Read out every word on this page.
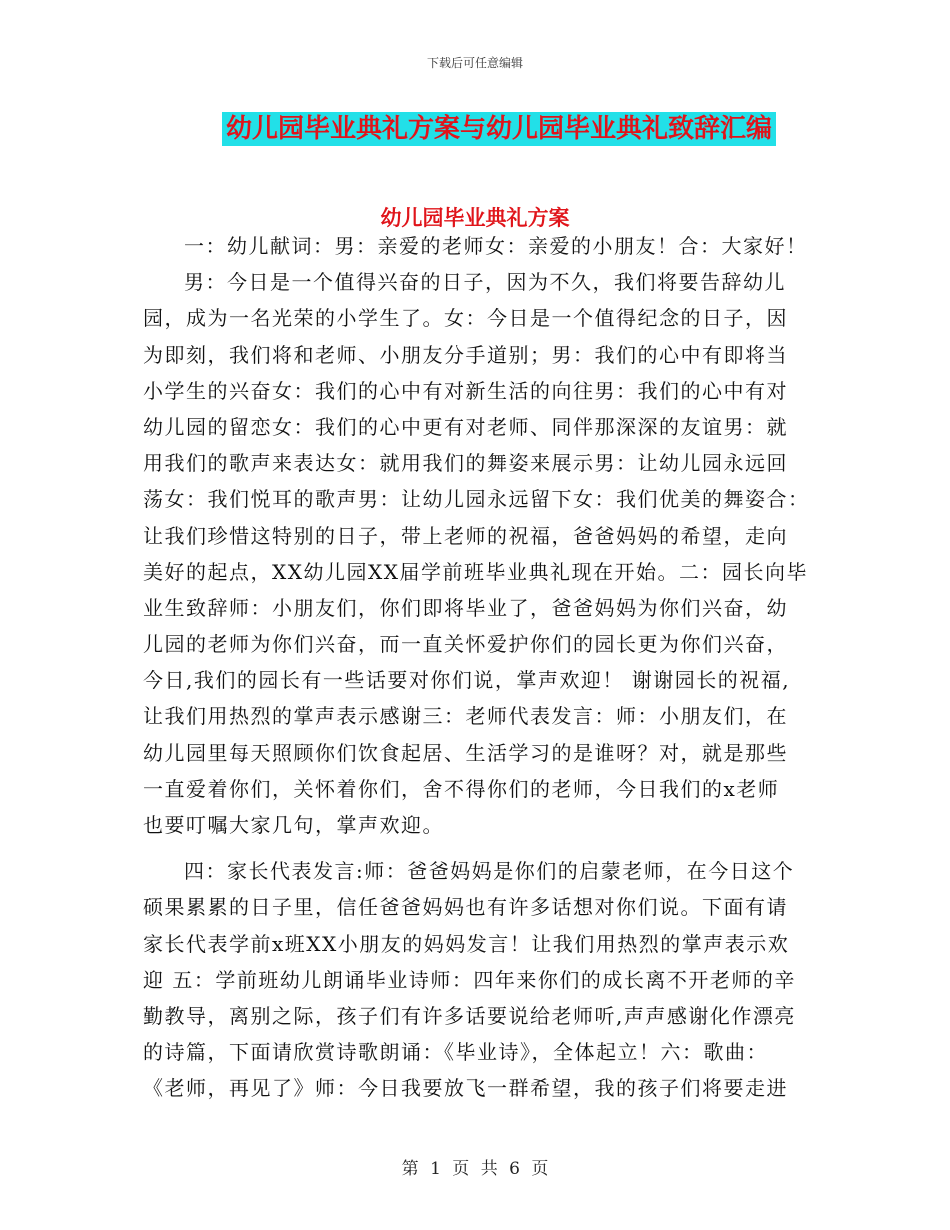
下载后可任意编辑
幼儿园毕业典礼方案与幼儿园毕业典礼致辞汇编
幼儿园毕业典礼方案
一：幼儿献词：男：亲爱的老师女：亲爱的小朋友！合：大家好！
男：今日是一个值得兴奋的日子，因为不久，我们将要告辞幼儿
园，成为一名光荣的小学生了。女：今日是一个值得纪念的日子，因
为即刻，我们将和老师、小朋友分手道别；男：我们的心中有即将当
小学生的兴奋女：我们的心中有对新生活的向往男：我们的心中有对
幼儿园的留恋女：我们的心中更有对老师、同伴那深深的友谊男：就
用我们的歌声来表达女：就用我们的舞姿来展示男：让幼儿园永远回
荡女：我们悦耳的歌声男：让幼儿园永远留下女：我们优美的舞姿合：
让我们珍惜这特别的日子，带上老师的祝福，爸爸妈妈的希望，走向
美好的起点，XX幼儿园XX届学前班毕业典礼现在开始。二：园长向毕
业生致辞师：小朋友们，你们即将毕业了，爸爸妈妈为你们兴奋，幼
儿园的老师为你们兴奋，而一直关怀爱护你们的园长更为你们兴奋，
今日,我们的园长有一些话要对你们说，掌声欢迎！ 谢谢园长的祝福,
让我们用热烈的掌声表示感谢三：老师代表发言：师：小朋友们，在
幼儿园里每天照顾你们饮食起居、生活学习的是谁呀？对，就是那些
一直爱着你们，关怀着你们，舍不得你们的老师，今日我们的x老师
也要叮嘱大家几句，掌声欢迎。
四：家长代表发言:师：爸爸妈妈是你们的启蒙老师，在今日这个
硕果累累的日子里，信任爸爸妈妈也有许多话想对你们说。下面有请
家长代表学前x班XX小朋友的妈妈发言！让我们用热烈的掌声表示欢
迎 五：学前班幼儿朗诵毕业诗师：四年来你们的成长离不开老师的辛
勤教导，离别之际，孩子们有许多话要说给老师听,声声感谢化作漂亮
的诗篇，下面请欣赏诗歌朗诵：《毕业诗》，全体起立！六：歌曲：
《老师，再见了》师：今日我要放飞一群希望，我的孩子们将要走进
第 1 页 共 6 页
